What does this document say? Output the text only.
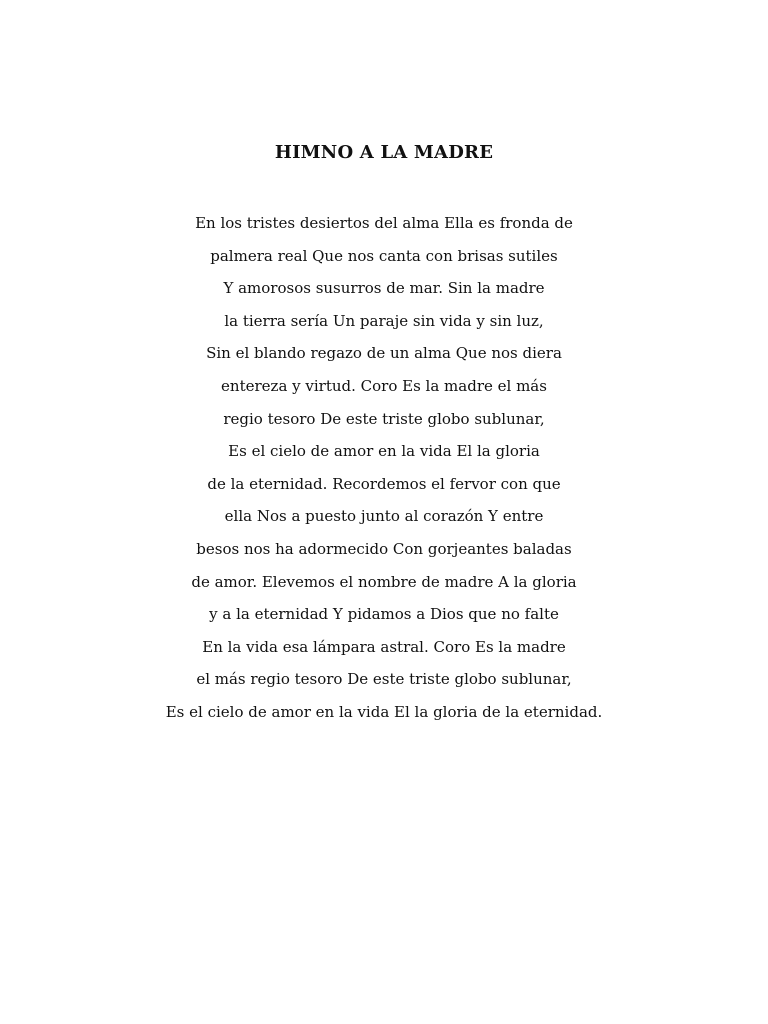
HIMNO A LA MADRE
En los tristes desiertos del alma Ella es fronda de
palmera real Que nos canta con brisas sutiles
Y amorosos susurros de mar. Sin la madre
la tierra sería Un paraje sin vida y sin luz,
Sin el blando regazo de un alma Que nos diera
entereza y virtud. Coro Es la madre el más
regio tesoro De este triste globo sublunar,
Es el cielo de amor en la vida El la gloria
de la eternidad. Recordemos el fervor con que
ella Nos a puesto junto al corazón Y entre
besos nos ha adormecido Con gorjeantes baladas
de amor. Elevemos el nombre de madre A la gloria
y a la eternidad Y pidamos a Dios que no falte
En la vida esa lámpara astral. Coro Es la madre
el más regio tesoro De este triste globo sublunar,
Es el cielo de amor en la vida El la gloria de la eternidad.
